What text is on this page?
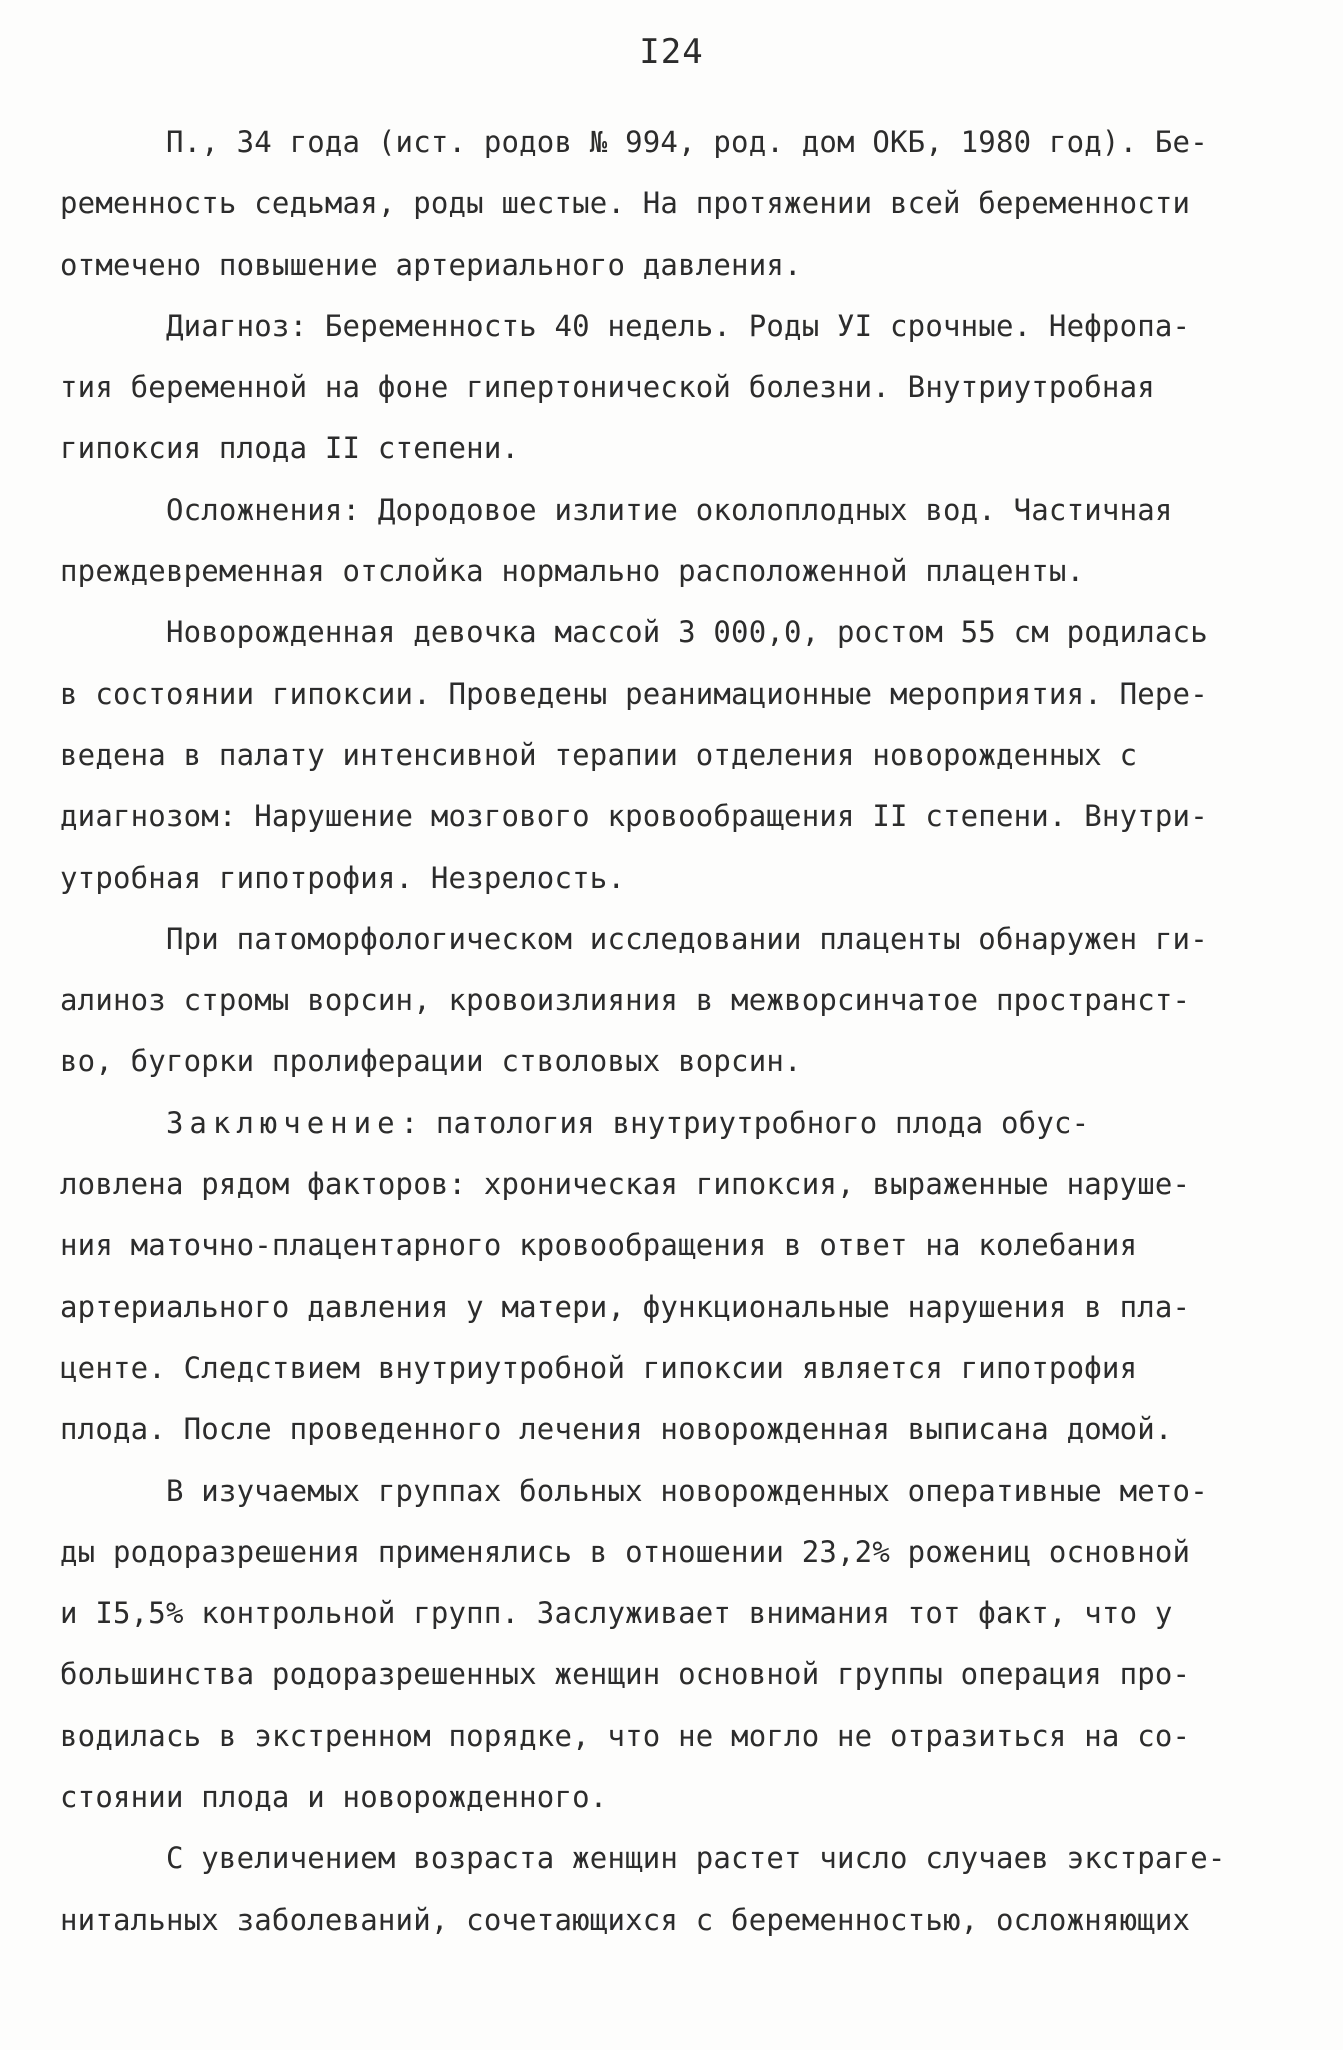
I24
П., 34 года (ист. родов № 994, род. дом ОКБ, 1980 год). Бе-
ременность седьмая, роды шестые. На протяжении всей беременности
отмечено повышение артериального давления.
Диагноз: Беременность 40 недель. Роды УI срочные. Нефропа-
тия беременной на фоне гипертонической болезни. Внутриутробная
гипоксия плода II степени.
Осложнения: Дородовое излитие околоплодных вод. Частичная
преждевременная отслойка нормально расположенной плаценты.
Новорожденная девочка массой 3 000,0, ростом 55 см родилась
в состоянии гипоксии. Проведены реанимационные мероприятия. Пере-
ведена в палату интенсивной терапии отделения новорожденных с
диагнозом: Нарушение мозгового кровообращения II степени. Внутри-
утробная гипотрофия. Незрелость.
При патоморфологическом исследовании плаценты обнаружен ги-
алиноз стромы ворсин, кровоизлияния в межворсинчатое пространст-
во, бугорки пролиферации стволовых ворсин.
Заключение: патология внутриутробного плода обус-
ловлена рядом факторов: хроническая гипоксия, выраженные наруше-
ния маточно-плацентарного кровообращения в ответ на колебания
артериального давления у матери, функциональные нарушения в пла-
центе. Следствием внутриутробной гипоксии является гипотрофия
плода. После проведенного лечения новорожденная выписана домой.
В изучаемых группах больных новорожденных оперативные мето-
ды родоразрешения применялись в отношении 23,2% рожениц основной
и I5,5% контрольной групп. Заслуживает внимания тот факт, что у
большинства родоразрешенных женщин основной группы операция про-
водилась в экстренном порядке, что не могло не отразиться на со-
стоянии плода и новорожденного.
С увеличением возраста женщин растет число случаев экстраге-
нитальных заболеваний, сочетающихся с беременностью, осложняющих
